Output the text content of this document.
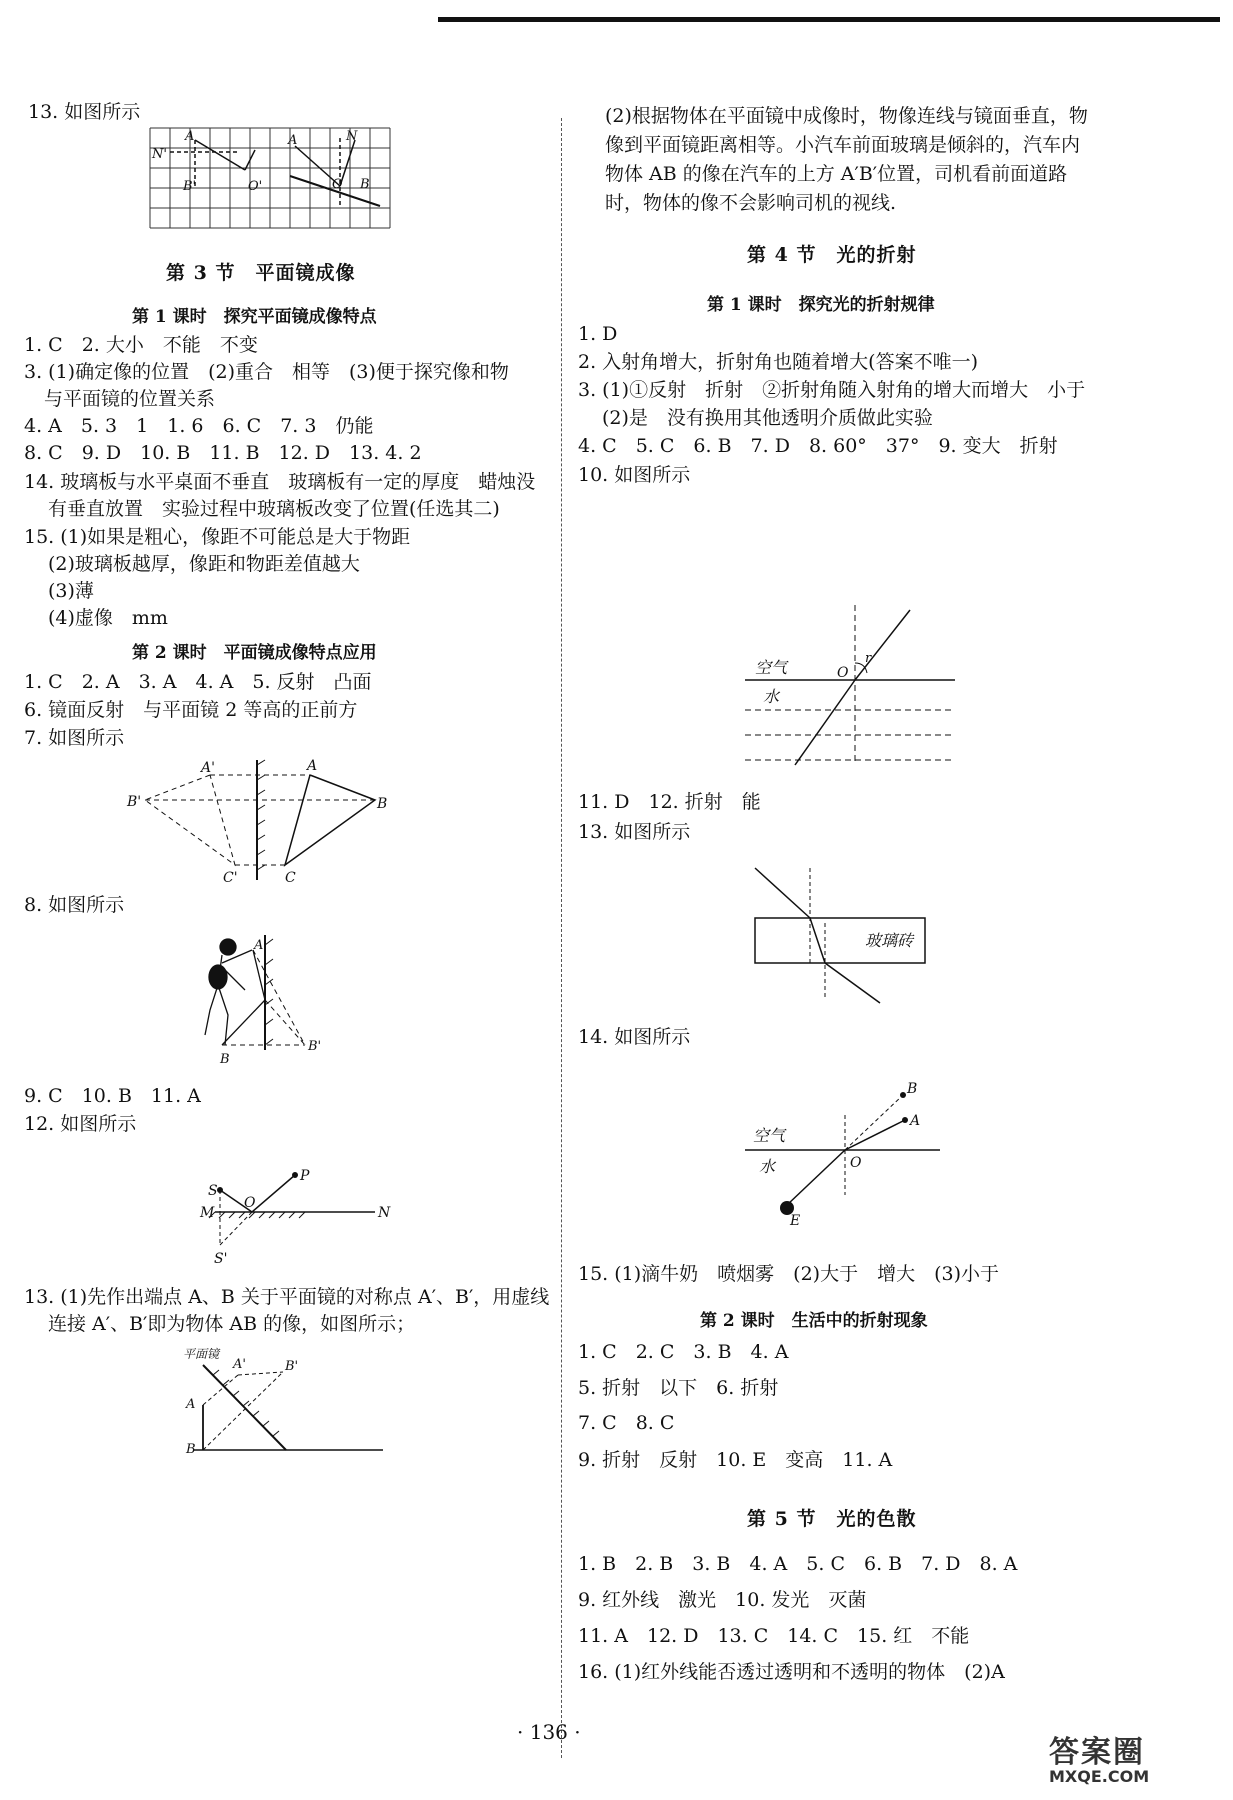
13. 如图所示
A
N'
B'	O'
A	N
O B
第 3 节　平面镜成像
第 1 课时　探究平面镜成像特点
1. C　2. 大小　不能　不变
3. (1)确定像的位置　(2)重合　相等　(3)便于探究像和物
与平面镜的位置关系
4. A　5. 3　1　1. 6　6. C　7. 3　仍能
8. C　9. D　10. B　11. B　12. D　13. 4. 2
14. 玻璃板与水平桌面不垂直　玻璃板有一定的厚度　蜡烛没
有垂直放置　实验过程中玻璃板改变了位置(任选其二)
15. (1)如果是粗心，像距不可能总是大于物距
(2)玻璃板越厚，像距和物距差值越大
(3)薄
(4)虚像　mm
第 2 课时　平面镜成像特点应用
1. C　2. A　3. A　4. A　5. 反射　凸面
6. 镜面反射　与平面镜 2 等高的正前方
7. 如图所示
A'	A
B'	B
C'	C
8. 如图所示
A
B
B'
9. C　10. B　11. A
12. 如图所示
S
O
P
M	N
S'
13. (1)先作出端点 A、B 关于平面镜的对称点 A′、B′，用虚线
连接 A′、B′即为物体 AB 的像，如图所示；
A'	B'
A
B
平面镜
(2)根据物体在平面镜中成像时，物像连线与镜面垂直，物
像到平面镜距离相等。小汽车前面玻璃是倾斜的，汽车内
物体 AB 的像在汽车的上方 A′B′位置，司机看前面道路
时，物体的像不会影响司机的视线.
第 4 节　光的折射
第 1 课时　探究光的折射规律
1. D
2. 入射角增大，折射角也随着增大(答案不唯一)
3. (1)①反射　折射　②折射角随入射角的增大而增大　小于
(2)是　没有换用其他透明介质做此实验
4. C　5. C　6. B　7. D　8. 60°　37°　9. 变大　折射
10. 如图所示
O
r
空气
水
11. D　12. 折射　能
13. 如图所示
玻璃砖
14. 如图所示
B
A
O
E
空气
水
15. (1)滴牛奶　喷烟雾　(2)大于　增大　(3)小于
第 2 课时　生活中的折射现象
1. C　2. C　3. B　4. A
5. 折射　以下　6. 折射
7. C　8. C
9. 折射　反射　10. E　变高　11. A
第 5 节　光的色散
1. B　2. B　3. B　4. A　5. C　6. B　7. D　8. A
9. 红外线　激光　10. 发光　灭菌
11. A　12. D　13. C　14. C　15. 红　不能
16. (1)红外线能否透过透明和不透明的物体　(2)A
· 136 ·
答案圈
MXQE.COM
